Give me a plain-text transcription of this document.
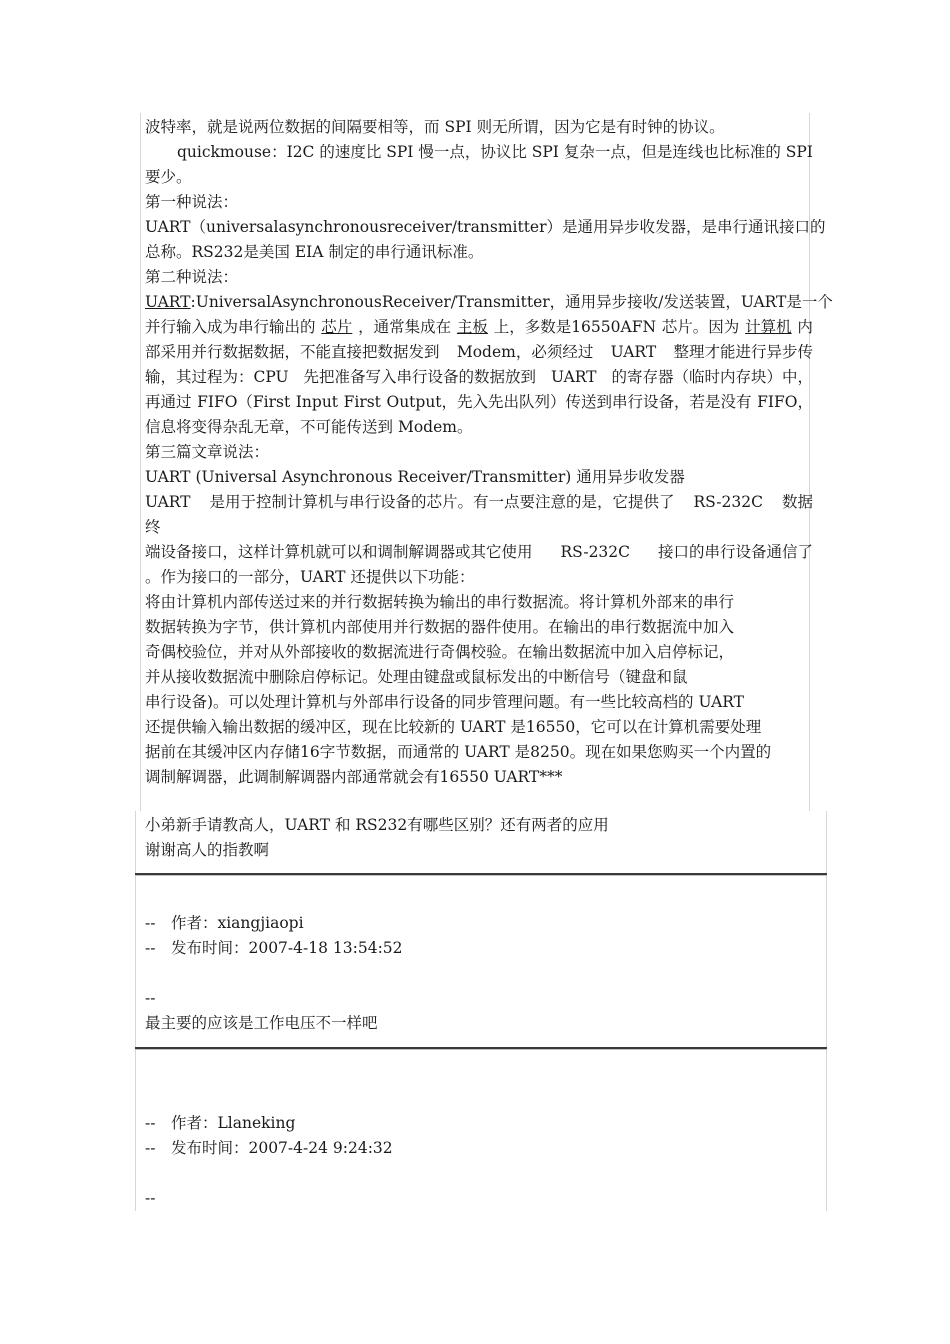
波特率，就是说两位数据的间隔要相等，而 SPI 则无所谓，因为它是有时钟的协议。
quickmouse：I2C 的速度比 SPI 慢一点，协议比 SPI 复杂一点，但是连线也比标准的 SPI
要少。
第一种说法：
UART （universal asynchronous receiver/transmitter）是通用异步收发器，是串行通讯接口的
总称。RS232是美国 EIA 制定的串行通讯标准。
第二种说法：
UART : Universal Asynchronous Receiver/Transmitter，通用异步接收/发送装置，UART 是一个
并行输入成为串行输出的 芯片 ，通常集成在 主板 上，多数是16550AFN 芯片。因为 计算机 内
部采用并行数据数据，不能直接把数据发到 Modem，必须经过 UART 整理才能进行异步传
输，其过程为：CPU 先把准备写入串行设备的数据放到 UART 的寄存器（临时内存块）中，
再通过 FIFO（First Input First Output，先入先出队列）传送到串行设备，若是没有 FIFO，
信息将变得杂乱无章，不可能传送到 Modem。
第三篇文章说法：
UART (Universal Asynchronous Receiver/Transmitter) 通用异步收发器
UART 是用于控制计算机与串行设备的芯片。有一点要注意的是，它提供了 RS-232C 数据
终
端设备接口，这样计算机就可以和调制解调器或其它使用 RS-232C 接口的串行设备通信了
。作为接口的一部分，UART 还提供以下功能：
将由计算机内部传送过来的并行数据转换为输出的串行数据流。将计算机外部来的串行
数据转换为字节，供计算机内部使用并行数据的器件使用。在输出的串行数据流中加入
奇偶校验位，并对从外部接收的数据流进行奇偶校验。在输出数据流中加入启停标记，
并从接收数据流中删除启停标记。处理由键盘或鼠标发出的中断信号（键盘和鼠
串行设备)。可以处理计算机与外部串行设备的同步管理问题。有一些比较高档的 UART
还提供输入输出数据的缓冲区，现在比较新的 UART 是16550，它可以在计算机需要处理
据前在其缓冲区内存储16字节数据，而通常的 UART 是8250。现在如果您购买一个内置的
调制解调器，此调制解调器内部通常就会有16550 UART***
小弟新手请教高人，UART 和 RS232有哪些区别？还有两者的应用
谢谢高人的指教啊
--　作者：xiangjiaopi
--　发布时间：2007-4-18 13:54:52
--
最主要的应该是工作电压不一样吧
--　作者：Llaneking
--　发布时间：2007-4-24 9:24:32
--
